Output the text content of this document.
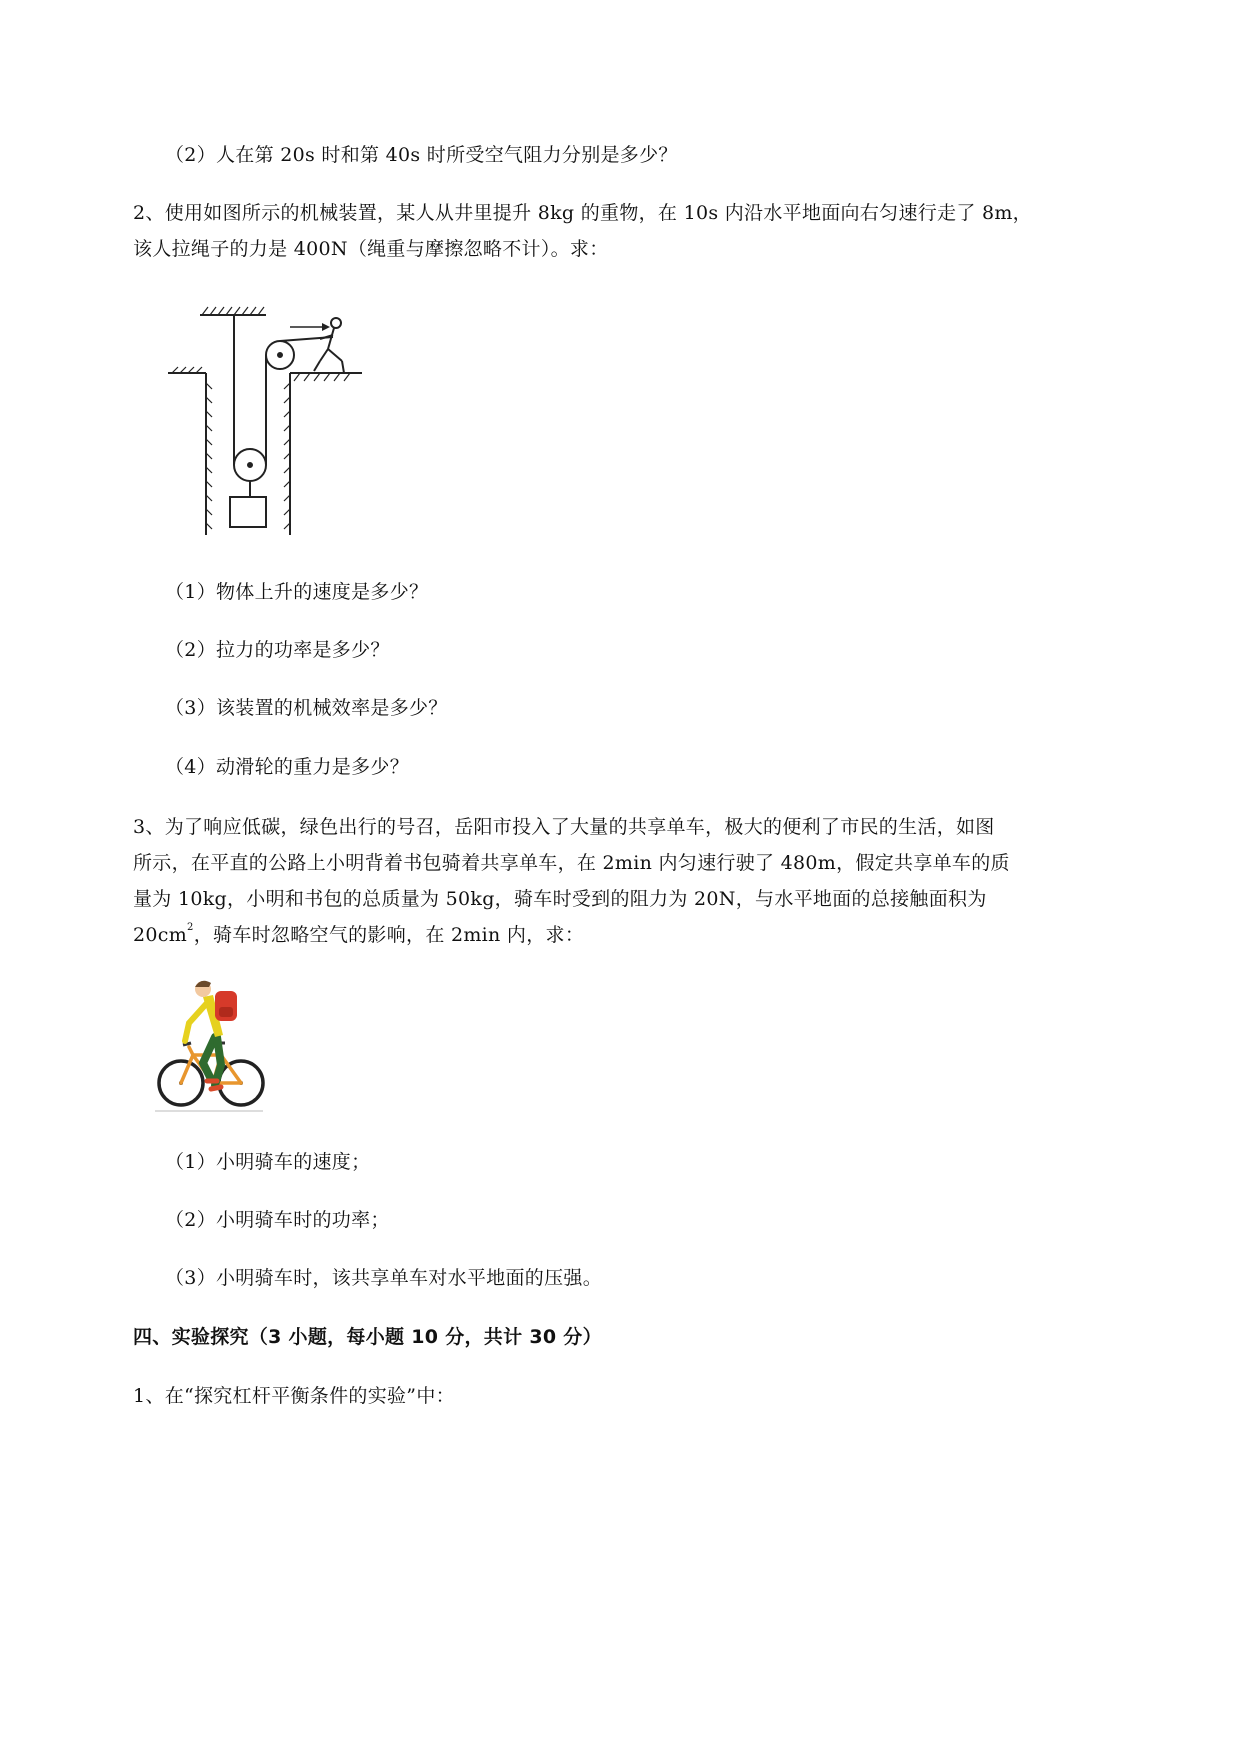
（2）人在第 20s 时和第 40s 时所受空气阻力分别是多少？
2、使用如图所示的机械装置，某人从井里提升 8kg 的重物，在 10s 内沿水平地面向右匀速行走了 8m，
该人拉绳子的力是 400N（绳重与摩擦忽略不计）。求：
（1）物体上升的速度是多少？
（2）拉力的功率是多少？
（3）该装置的机械效率是多少？
（4）动滑轮的重力是多少？
3、为了响应低碳，绿色出行的号召，岳阳市投入了大量的共享单车，极大的便利了市民的生活，如图
所示，在平直的公路上小明背着书包骑着共享单车，在 2min 内匀速行驶了 480m，假定共享单车的质
量为 10kg，小明和书包的总质量为 50kg，骑车时受到的阻力为 20N，与水平地面的总接触面积为
$20cm^2$，骑车时忽略空气的影响，在 2min 内，求：
（1）小明骑车的速度；
（2）小明骑车时的功率；
（3）小明骑车时，该共享单车对水平地面的压强。
四、实验探究（3 小题，每小题 10 分，共计 30 分）
1、在“探究杠杆平衡条件的实验”中：
